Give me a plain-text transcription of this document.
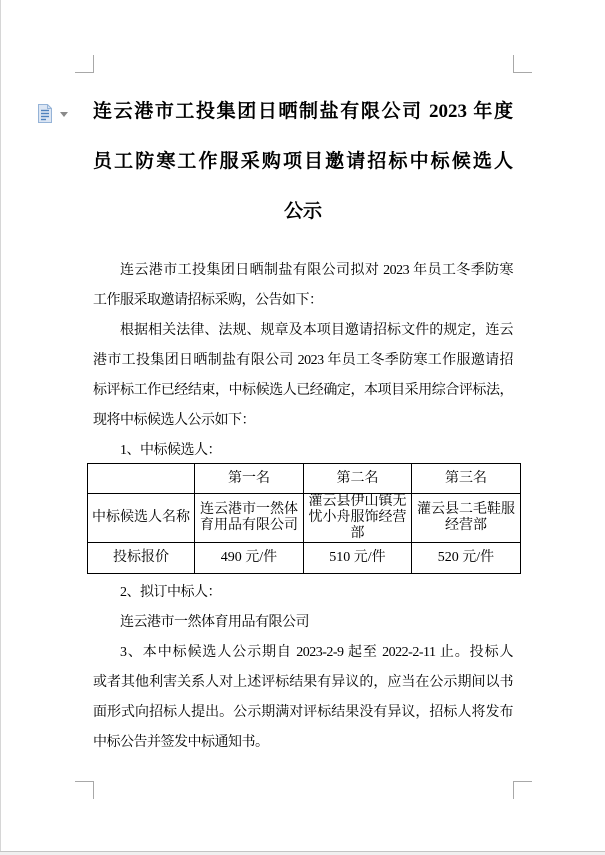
连云港市工投集团日晒制盐有限公司 2023 年度
员工防寒工作服采购项目邀请招标中标候选人
公示
连云港市工投集团日晒制盐有限公司拟对 2023 年员工冬季防寒
工作服采取邀请招标采购，公告如下：
根据相关法律、法规、规章及本项目邀请招标文件的规定，连云
港市工投集团日晒制盐有限公司 2023 年员工冬季防寒工作服邀请招
标评标工作已经结束，中标候选人已经确定，本项目采用综合评标法，
现将中标候选人公示如下：
1、中标候选人：
	第一名	第二名	第三名
中标候选人名称	连云港市一然体育用品有限公司	灌云县伊山镇无忧小舟服饰经营部	灌云县二毛鞋服经营部
投标报价	490 元/件	510 元/件	520 元/件
2、拟订中标人：
连云港市一然体育用品有限公司
3、本中标候选人公示期自 2023-2-9 起至 2022-2-11 止。投标人
或者其他利害关系人对上述评标结果有异议的，应当在公示期间以书
面形式向招标人提出。公示期满对评标结果没有异议，招标人将发布
中标公告并签发中标通知书。
